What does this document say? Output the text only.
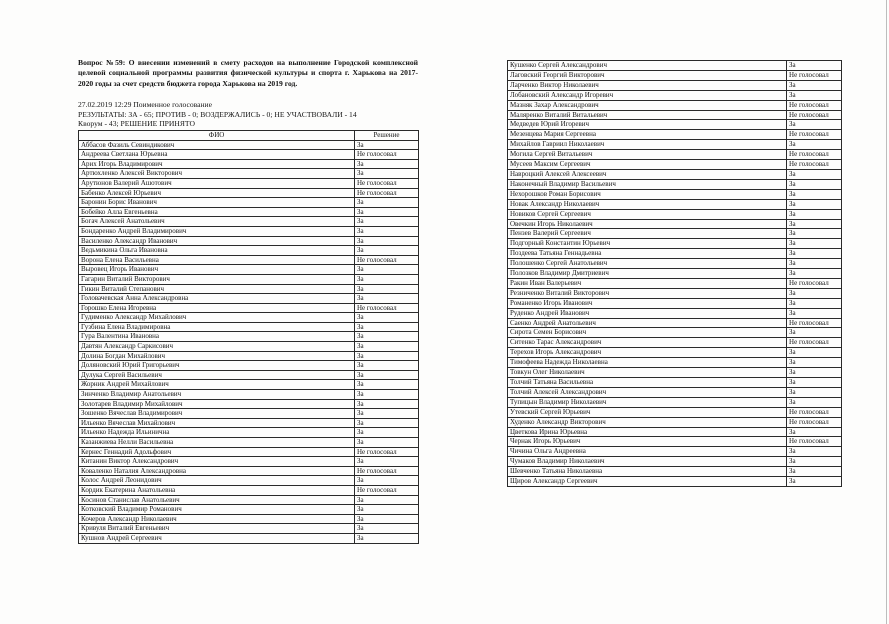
Вопрос №59: О внесении изменений в смету расходов на выполнение Городской комплексной целевой социальной программы развития физической культуры и спорта г. Харькова на 2017-2020 годы за счет средств бюджета города Харькова на 2019 год.

27.02.2019 12:29 Поименное голосование

РЕЗУЛЬТАТЫ: ЗА - 65; ПРОТИВ - 0; ВОЗДЕРЖАЛИСЬ - 0; НЕ УЧАСТВОВАЛИ - 14

Кворум - 43; РЕШЕНИЕ ПРИНЯТО

ФИО	Решение
Аббасов Фазиль Севиндикович	За
Андреева Светлана Юрьевна	Не голосовал
Арих Игорь Владимирович	За
Артюхленко Алексей Викторович	За
Арутюнов Валерий Ашотович	Не голосовал
Бабенко Алексей Юрьевич	Не голосовал
Баронин Борис Иванович	За
Бобейко Алла Евгеньевна	За
Богач Алексей Анатольевич	За
Бондаренко Андрей Владимирович	За
Василенко Александр Иванович	За
Ведьмикина Ольга Ивановна	За
Ворона Елена Васильевна	Не голосовал
Выровец Игорь Иванович	За
Гагарин Виталий Викторович	За
Гикин Виталий Степанович	За
Головачевская Анна Александровна	За
Горошко Елена Игоревна	Не голосовал
Гудименко Александр Михайлович	За
Гузбина Елена Владимировна	За
Гура Валентина Ивановна	За
Давтян Александр Саркисович	За
Долина Богдан Михайлович	За
Доляновский Юрий Григорьевич	За
Дулука Сергей Васильевич	За
Жорник Андрей Михайлович	За
Зинченко Владимир Анатольевич	За
Золотарев Владимир Михайлович	За
Зошенко Вячеслав Владимирович	За
Ильенко Вячеслав Михайлович	За
Ильенко Надежда Ильинична	За
Казанжиева Нелли Васильевна	За
Кернес Геннадий Адольфович	Не голосовал
Китанин Виктор Александрович	За
Коваленко Наталия Александровна	Не голосовал
Колос Андрей Леонидович	За
Кордик Екатерина Анатольевна	Не голосовал
Косинов Станислав Анатольевич	За
Котковский Владимир Романович	За
Кочеров Александр Николаевич	За
Кривуля Виталий Евгеньевич	За
Кушнов Андрей Сергеевич	За
Кушенко Сергей Александрович	За
Лаговский Георгий Викторович	Не голосовал
Ларченко Виктор Николаевич	За
Лобановский Александр Игоревич	За
Мазняк Захар Александрович	Не голосовал
Маляренко Виталий Витальевич	Не голосовал
Медведев Юрий Игоревич	За
Мезенцева Мария Сергеевна	Не голосовал
Михайлов Гавриил Николаевич	За
Могила Сергей Витальевич	Не голосовал
Мусеев Максим Сергеевич	Не голосовал
Навроцкий Алексей Алексеевич	За
Наконечный Владимир Васильевич	За
Нехорошков Роман Борисович	За
Новак Александр Николаевич	За
Новиков Сергей Сергеевич	За
Овечкин Игорь Николаевич	За
Пензев Валерий Сергеевич	За
Подгорный Константин Юрьевич	За
Поздеева Татьяна Геннадьевна	За
Полошенко Сергей Анатольевич	За
Полозков Владимир Дмитриевич	За
Ракин Иван Валерьевич	Не голосовал
Резниченко Виталий Викторович	За
Романенко Игорь Иванович	За
Руденко Андрей Иванович	За
Саенко Андрей Анатольевич	Не голосовал
Сирота Семен Борисович	За
Ситенко Тарас Александрович	Не голосовал
Терехов Игорь Александрович	За
Тимофеева Надежда Николаевна	За
Товкун Олег Николаевич	За
Толчий Татьяна Васильевна	За
Толчий Алексей Александрович	За
Тупицын Владимир Николаевич	За
Утевский Сергей Юрьевич	Не голосовал
Худенко Александр Викторович	Не голосовал
Цветкова Ирина Юрьевна	За
Чернак Игорь Юрьевич	Не голосовал
Чичина Ольга Андреевна	За
Чумаков Владимир Николаевич	За
Шевченко Татьяна Николаевна	За
Щиров Александр Сергеевич	За
